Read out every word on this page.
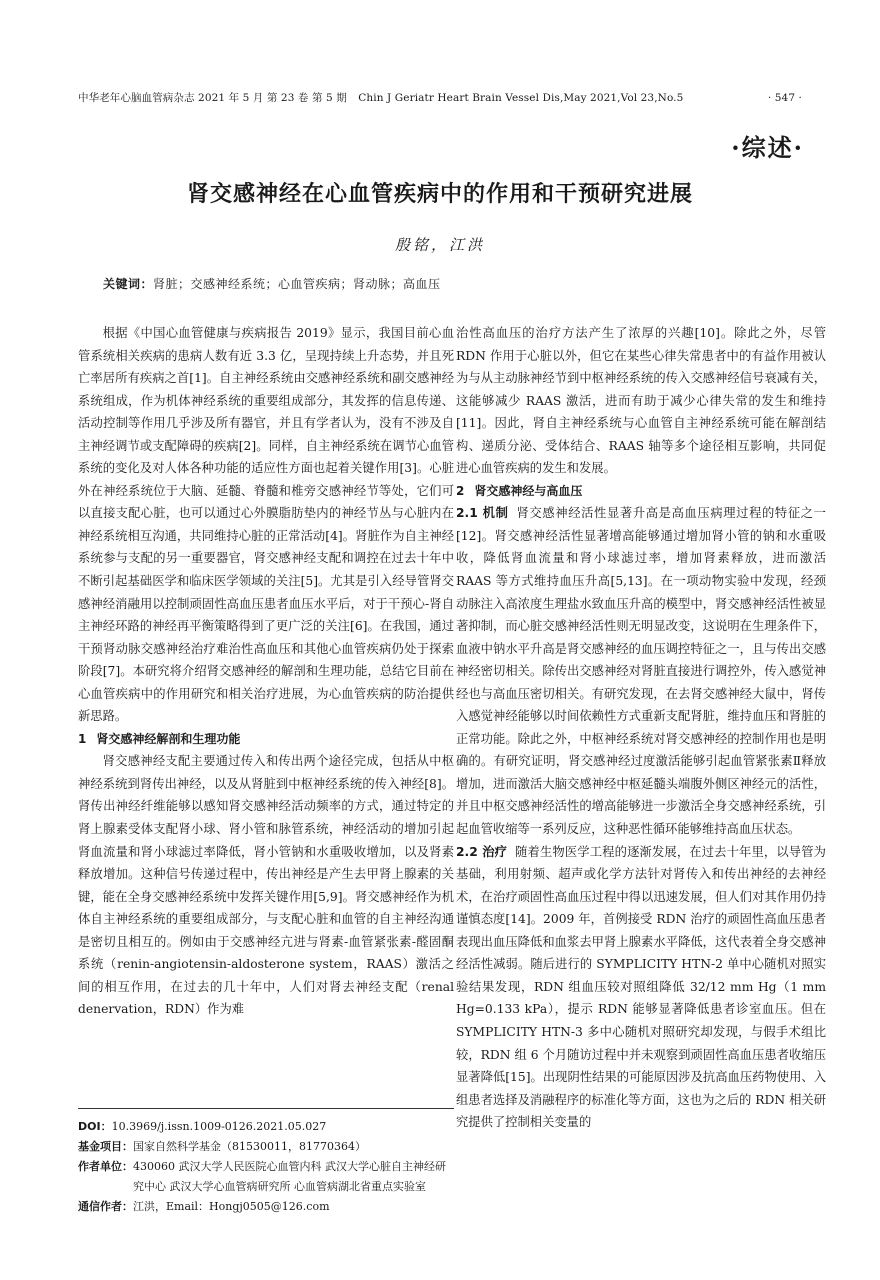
中华老年心脑血管病杂志 2021 年 5 月 第 23 卷 第 5 期 Chin J Geriatr Heart Brain Vessel Dis,May 2021,Vol 23,No.5	· 547 ·
·综述·
肾交感神经在心血管疾病中的作用和干预研究进展
殷铭，江洪
关键词：肾脏；交感神经系统；心血管疾病；肾动脉；高血压

根据《中国心血管健康与疾病报告 2019》显示，我国目前心血管系统相关疾病的患病人数有近 3.3 亿，呈现持续上升态势，并且死亡率居所有疾病之首[1]。自主神经系统由交感神经系统和副交感神经系统组成，作为机体神经系统的重要组成部分，其发挥的信息传递、活动控制等作用几乎涉及所有器官，并且有学者认为，没有不涉及自主神经调节或支配障碍的疾病[2]。同样，自主神经系统在调节心血管系统的变化及对人体各种功能的适应性方面也起着关键作用[3]。心脏外在神经系统位于大脑、延髓、脊髓和椎旁交感神经节等处，它们可以直接支配心脏，也可以通过心外膜脂肪垫内的神经节丛与心脏内在神经系统相互沟通，共同维持心脏的正常活动[4]。肾脏作为自主神经系统参与支配的另一重要器官，肾交感神经支配和调控在过去十年中不断引起基础医学和临床医学领域的关注[5]。尤其是引入经导管肾交感神经消融用以控制顽固性高血压患者血压水平后，对于干预心-肾自主神经环路的神经再平衡策略得到了更广泛的关注[6]。在我国，通过干预肾动脉交感神经治疗难治性高血压和其他心血管疾病仍处于探索阶段[7]。本研究将介绍肾交感神经的解剖和生理功能，总结它目前在心血管疾病中的作用研究和相关治疗进展，为心血管疾病的防治提供新思路。

1 肾交感神经解剖和生理功能

肾交感神经支配主要通过传入和传出两个途径完成，包括从中枢神经系统到肾传出神经，以及从肾脏到中枢神经系统的传入神经[8]。肾传出神经纤维能够以感知肾交感神经活动频率的方式，通过特定的肾上腺素受体支配肾小球、肾小管和脉管系统，神经活动的增加引起肾血流量和肾小球滤过率降低，肾小管钠和水重吸收增加，以及肾素释放增加。这种信号传递过程中，传出神经是产生去甲肾上腺素的关键，能在全身交感神经系统中发挥关键作用[5,9]。肾交感神经作为机体自主神经系统的重要组成部分，与支配心脏和血管的自主神经沟通是密切且相互的。例如由于交感神经亢进与肾素-血管紧张素-醛固酮系统（renin-angiotensin-aldosterone system，RAAS）激活之间的相互作用，在过去的几十年中，人们对肾去神经支配（renal denervation，RDN）作为难

治性高血压的治疗方法产生了浓厚的兴趣[10]。除此之外，尽管 RDN 作用于心脏以外，但它在某些心律失常患者中的有益作用被认为与从主动脉神经节到中枢神经系统的传入交感神经信号衰减有关，这能够减少 RAAS 激活，进而有助于减少心律失常的发生和维持[11]。因此，肾自主神经系统与心血管自主神经系统可能在解剖结构、递质分泌、受体结合、RAAS 轴等多个途径相互影响，共同促进心血管疾病的发生和发展。

2 肾交感神经与高血压

2.1 机制 肾交感神经活性显著升高是高血压病理过程的特征之一[12]。肾交感神经活性显著增高能够通过增加肾小管的钠和水重吸收，降低肾血流量和肾小球滤过率，增加肾素释放，进而激活 RAAS 等方式维持血压升高[5,13]。在一项动物实验中发现，经颈动脉注入高浓度生理盐水致血压升高的模型中，肾交感神经活性被显著抑制，而心脏交感神经活性则无明显改变，这说明在生理条件下，血液中钠水平升高是肾交感神经的血压调控特征之一，且与传出交感神经密切相关。除传出交感神经对肾脏直接进行调控外，传入感觉神经也与高血压密切相关。有研究发现，在去肾交感神经大鼠中，肾传入感觉神经能够以时间依赖性方式重新支配肾脏，维持血压和肾脏的正常功能。除此之外，中枢神经系统对肾交感神经的控制作用也是明确的。有研究证明，肾交感神经过度激活能够引起血管紧张素Ⅱ释放增加，进而激活大脑交感神经中枢延髓头端腹外侧区神经元的活性，并且中枢交感神经活性的增高能够进一步激活全身交感神经系统，引起血管收缩等一系列反应，这种恶性循环能够维持高血压状态。

2.2 治疗 随着生物医学工程的逐渐发展，在过去十年里，以导管为基础，利用射频、超声或化学方法针对肾传入和传出神经的去神经术，在治疗顽固性高血压过程中得以迅速发展，但人们对其作用仍持谨慎态度[14]。2009 年，首例接受 RDN 治疗的顽固性高血压患者表现出血压降低和血浆去甲肾上腺素水平降低，这代表着全身交感神经活性减弱。随后进行的 SYMPLICITY HTN-2 单中心随机对照实验结果发现，RDN 组血压较对照组降低 32/12 mm Hg（1 mm Hg=0.133 kPa），提示 RDN 能够显著降低患者诊室血压。但在 SYMPLICITY HTN-3 多中心随机对照研究却发现，与假手术组比较，RDN 组 6 个月随访过程中并未观察到顽固性高血压患者收缩压显著降低[15]。出现阴性结果的可能原因涉及抗高血压药物使用、入组患者选择及消融程序的标准化等方面，这也为之后的 RDN 相关研究提供了控制相关变量的

DOI： 10.3969/j.issn.1009-0126.2021.05.027
基金项目： 国家自然科学基金（81530011，81770364）
作者单位： 430060 武汉大学人民医院心血管内科 武汉大学心脏自主神经研究中心 武汉大学心血管病研究所 心血管病湖北省重点实验室
通信作者： 江洪，Email：Hongj0505@126.com
